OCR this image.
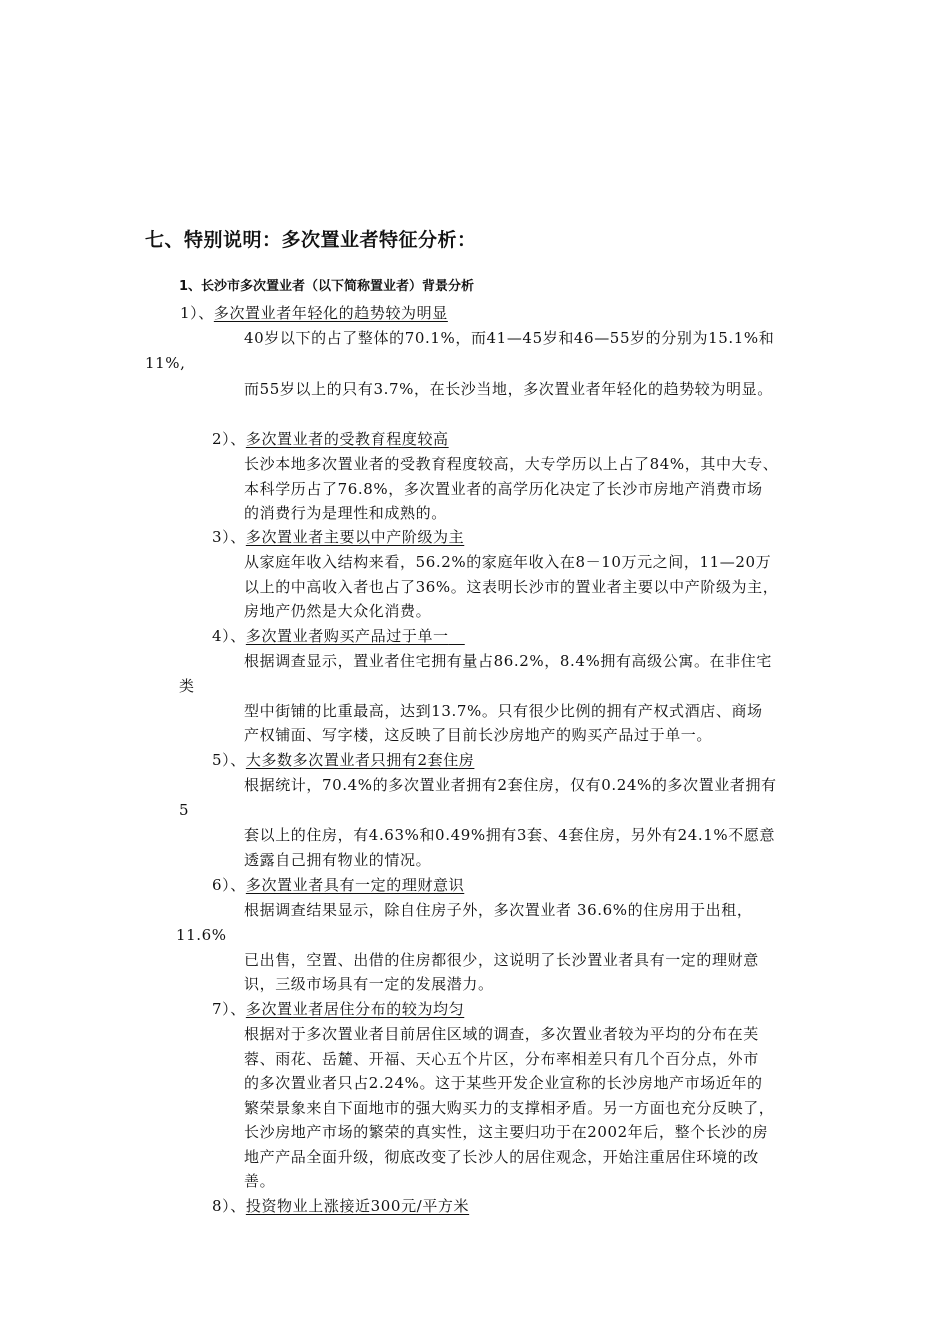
七、特别说明：多次置业者特征分析：
1、长沙市多次置业者（以下简称置业者）背景分析
1）、多次置业者年轻化的趋势较为明显
40岁以下的占了整体的70.1%，而41—45岁和46—55岁的分别为15.1%和
11%,
而55岁以上的只有3.7%，在长沙当地，多次置业者年轻化的趋势较为明显。
2）、多次置业者的受教育程度较高
长沙本地多次置业者的受教育程度较高，大专学历以上占了84%，其中大专、
本科学历占了76.8%，多次置业者的高学历化决定了长沙市房地产消费市场
的消费行为是理性和成熟的。
3）、多次置业者主要以中产阶级为主
从家庭年收入结构来看，56.2%的家庭年收入在8－10万元之间，11—20万
以上的中高收入者也占了36%。这表明长沙市的置业者主要以中产阶级为主，
房地产仍然是大众化消费。
4）、多次置业者购买产品过于单一
根据调查显示，置业者住宅拥有量占86.2%，8.4%拥有高级公寓。在非住宅
类
型中街铺的比重最高，达到13.7%。只有很少比例的拥有产权式酒店、商场
产权铺面、写字楼，这反映了目前长沙房地产的购买产品过于单一。
5）、大多数多次置业者只拥有2套住房
根据统计，70.4%的多次置业者拥有2套住房，仅有0.24%的多次置业者拥有
5
套以上的住房，有4.63%和0.49%拥有3套、4套住房，另外有24.1%不愿意
透露自己拥有物业的情况。
6）、多次置业者具有一定的理财意识
根据调查结果显示，除自住房子外，多次置业者 36.6%的住房用于出租，
11.6%
已出售，空置、出借的住房都很少，这说明了长沙置业者具有一定的理财意
识，三级市场具有一定的发展潜力。
7）、多次置业者居住分布的较为均匀
根据对于多次置业者目前居住区域的调查，多次置业者较为平均的分布在芙
蓉、雨花、岳麓、开福、天心五个片区，分布率相差只有几个百分点，外市
的多次置业者只占2.24%。这于某些开发企业宣称的长沙房地产市场近年的
繁荣景象来自下面地市的强大购买力的支撑相矛盾。另一方面也充分反映了，
长沙房地产市场的繁荣的真实性，这主要归功于在2002年后，整个长沙的房
地产产品全面升级，彻底改变了长沙人的居住观念，开始注重居住环境的改
善。
8）、投资物业上涨接近300元/平方米
